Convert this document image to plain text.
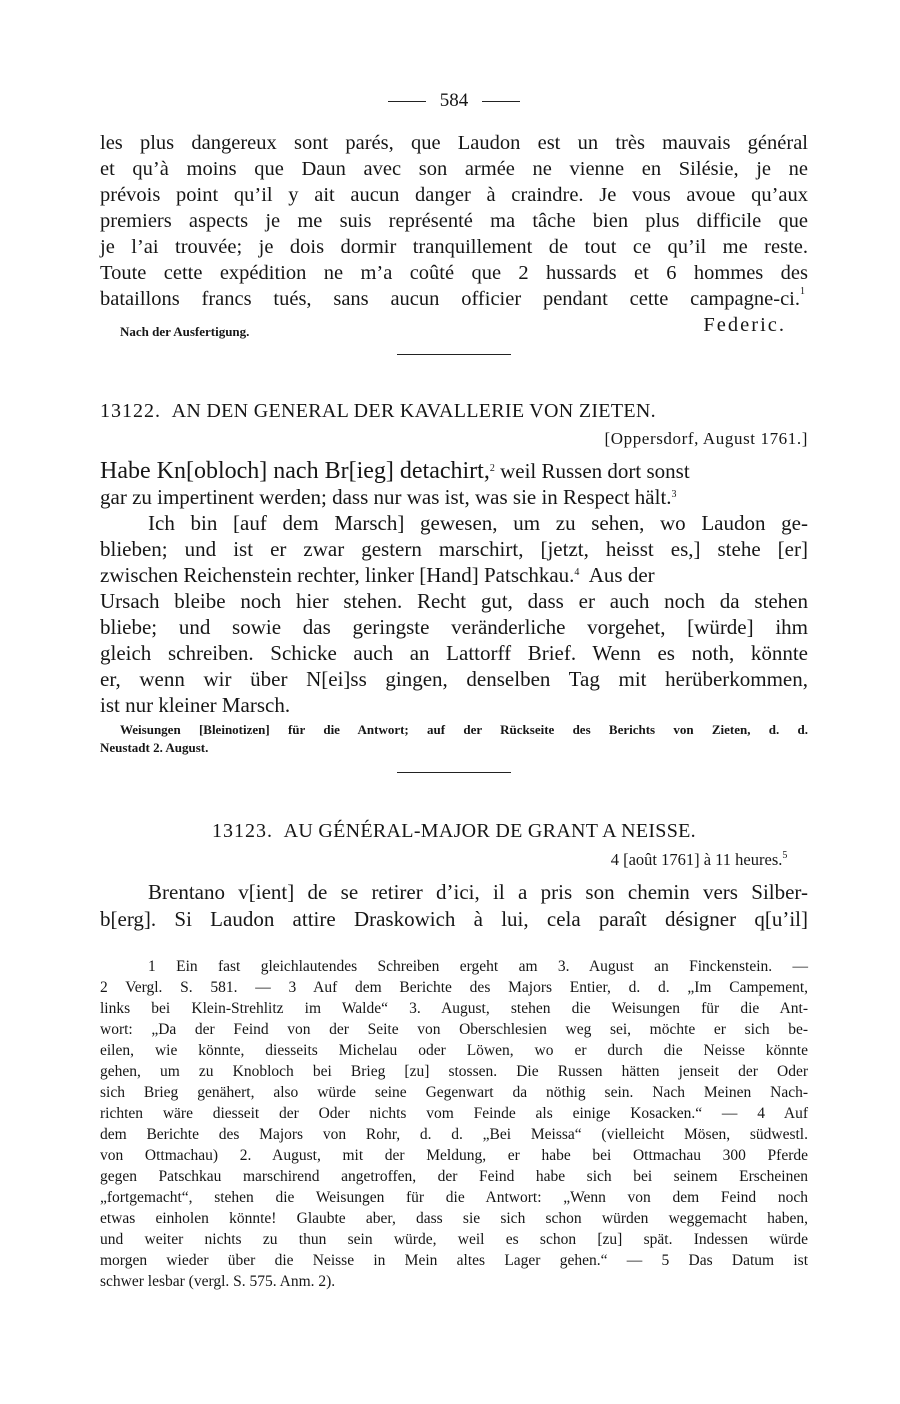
584
les plus dangereux sont parés, que Laudon est un très mauvais général
et qu’à moins que Daun avec son armée ne vienne en Silésie, je ne
prévois point qu’il y ait aucun danger à craindre. Je vous avoue qu’aux
premiers aspects je me suis représenté ma tâche bien plus difficile que
je l’ai trouvée; je dois dormir tranquillement de tout ce qu’il me reste.
Toute cette expédition ne m’a coûté que 2 hussards et 6 hommes des
bataillons francs tués, sans aucun officier pendant cette campagne-ci. 1
Nach der Ausfertigung.	Federic.
13122. AN DEN GENERAL DER KAVALLERIE VON ZIETEN.
[Oppersdorf, August 1761.]
Habe Kn[obloch] nach Br[ieg] detachirt,$^2$ weil Russen dort sonst
gar zu impertinent werden; dass nur was ist, was sie in Respect hält.$^3$
Ich bin [auf dem Marsch] gewesen, um zu sehen, wo Laudon ge-
blieben; und ist er zwar gestern marschirt, [jetzt, heisst es,] stehe [er]
zwischen Reichenstein rechter, linker [Hand] Patschkau.$^4$  Aus der
Ursach bleibe noch hier stehen. Recht gut, dass er auch noch da stehen
bliebe; und sowie das geringste veränderliche vorgehet, [würde] ihm
gleich schreiben. Schicke auch an Lattorff Brief. Wenn es noth, könnte
er, wenn wir über N[ei]ss gingen, denselben Tag mit herüberkommen,
ist nur kleiner Marsch.
Weisungen [Bleinotizen] für die Antwort; auf der Rückseite des Berichts von Zieten, d. d.
Neustadt 2. August.
13123. AU GÉNÉRAL-MAJOR DE GRANT A NEISSE.
4 [août 1761] à 11 heures.$^5$
Brentano v[ient] de se retirer d’ici, il a pris son chemin vers Silber-
b[erg]. Si Laudon attire Draskowich à lui, cela paraît désigner q[u’il]
1 Ein fast gleichlautendes Schreiben ergeht am 3. August an Finckenstein. —
2 Vergl. S. 581. — 3 Auf dem Berichte des Majors Entier, d. d. „Im Campement,
links bei Klein-Strehlitz im Walde“ 3. August, stehen die Weisungen für die Ant-
wort: „Da der Feind von der Seite von Oberschlesien weg sei, möchte er sich be-
eilen, wie könnte, diesseits Michelau oder Löwen, wo er durch die Neisse könnte
gehen, um zu Knobloch bei Brieg [zu] stossen. Die Russen hätten jenseit der Oder
sich Brieg genähert, also würde seine Gegenwart da nöthig sein. Nach Meinen Nach-
richten wäre diesseit der Oder nichts vom Feinde als einige Kosacken.“ — 4 Auf
dem Berichte des Majors von Rohr, d. d. „Bei Meissa“ (vielleicht Mösen, südwestl.
von Ottmachau) 2. August, mit der Meldung, er habe bei Ottmachau 300 Pferde
gegen Patschkau marschirend angetroffen, der Feind habe sich bei seinem Erscheinen
„fortgemacht“, stehen die Weisungen für die Antwort: „Wenn von dem Feind noch
etwas einholen könnte! Glaubte aber, dass sie sich schon würden weggemacht haben,
und weiter nichts zu thun sein würde, weil es schon [zu] spät. Indessen würde
morgen wieder über die Neisse in Mein altes Lager gehen.“ — 5 Das Datum ist
schwer lesbar (vergl. S. 575. Anm. 2).
